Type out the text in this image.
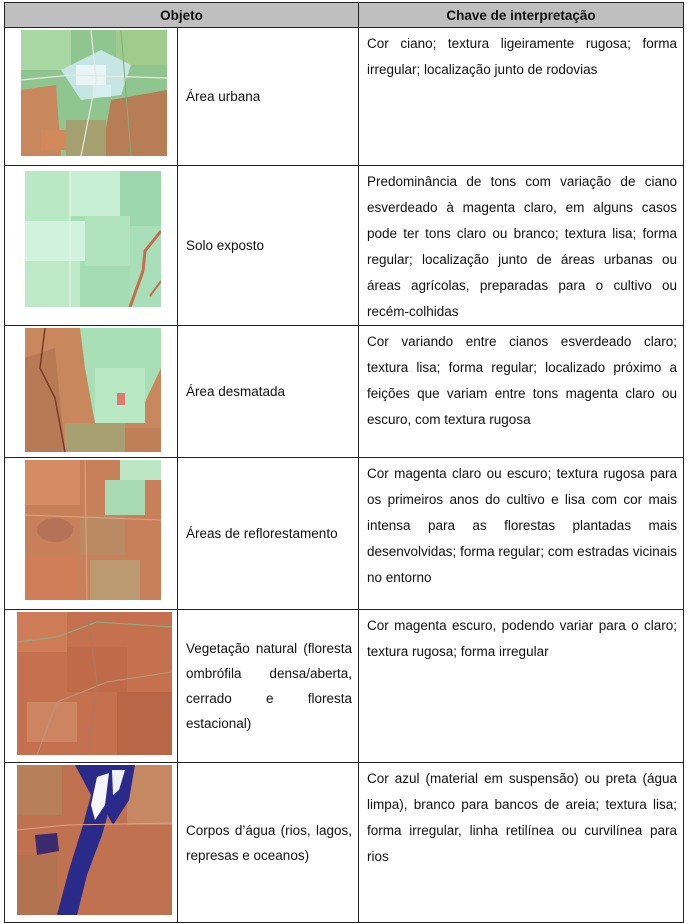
Objeto		Chave de interpretação

	Área urbana	Cor ciano; textura ligeiramente rugosa; forma irregular; localização junto de rodovias

	Solo exposto	Predominância de tons com variação de ciano esverdeado à magenta claro, em alguns casos pode ter tons claro ou branco; textura lisa; forma regular; localização junto de áreas urbanas ou áreas agrícolas, preparadas para o cultivo ou recém-colhidas

	Área desmatada	Cor variando entre cianos esverdeado claro; textura lisa; forma regular; localizado próximo a feições que variam entre tons magenta claro ou escuro, com textura rugosa

	Áreas de reflorestamento	Cor magenta claro ou escuro; textura rugosa para os primeiros anos do cultivo e lisa com cor mais intensa para as florestas plantadas mais desenvolvidas; forma regular; com estradas vicinais no entorno

	Vegetação natural (floresta ombrófila densa/aberta, cerrado e floresta estacional)	Cor magenta escuro, podendo variar para o claro; textura rugosa; forma irregular

	Corpos d’água (rios, lagos, represas e oceanos)	Cor azul (material em suspensão) ou preta (água limpa), branco para bancos de areia; textura lisa; forma irregular, linha retilínea ou curvilínea para rios
